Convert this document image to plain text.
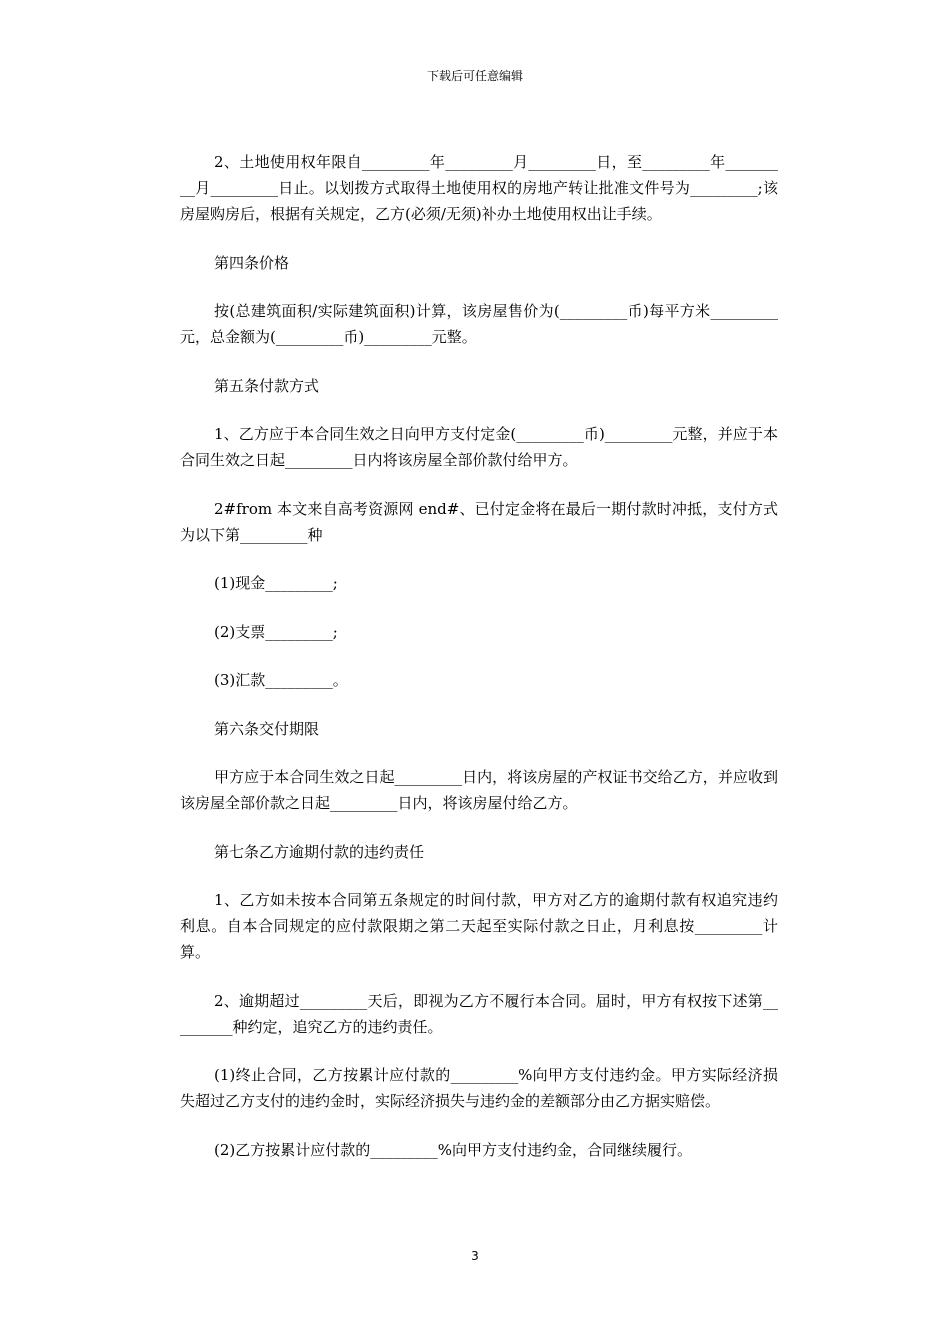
下载后可任意编辑

2、土地使用权年限自_________年_________月_________日，至_________年_________月_________日止。以划拨方式取得土地使用权的房地产转让批准文件号为_________;该房屋购房后，根据有关规定，乙方(必须/无须)补办土地使用权出让手续。

第四条价格

按(总建筑面积/实际建筑面积)计算，该房屋售价为(_________币)每平方米_________元，总金额为(_________币)_________元整。

第五条付款方式

1、乙方应于本合同生效之日向甲方支付定金(_________币)_________元整，并应于本合同生效之日起_________日内将该房屋全部价款付给甲方。

2#from 本文来自高考资源网 end#、已付定金将在最后一期付款时冲抵，支付方式为以下第_________种

(1)现金_________;

(2)支票_________;

(3)汇款_________。

第六条交付期限

甲方应于本合同生效之日起_________日内，将该房屋的产权证书交给乙方，并应收到该房屋全部价款之日起_________日内，将该房屋付给乙方。

第七条乙方逾期付款的违约责任

1、乙方如未按本合同第五条规定的时间付款，甲方对乙方的逾期付款有权追究违约利息。自本合同规定的应付款限期之第二天起至实际付款之日止，月利息按_________计算。

2、逾期超过_________天后，即视为乙方不履行本合同。届时，甲方有权按下述第_________种约定，追究乙方的违约责任。

(1)终止合同，乙方按累计应付款的_________%向甲方支付违约金。甲方实际经济损失超过乙方支付的违约金时，实际经济损失与违约金的差额部分由乙方据实赔偿。

(2)乙方按累计应付款的_________%向甲方支付违约金，合同继续履行。

3
